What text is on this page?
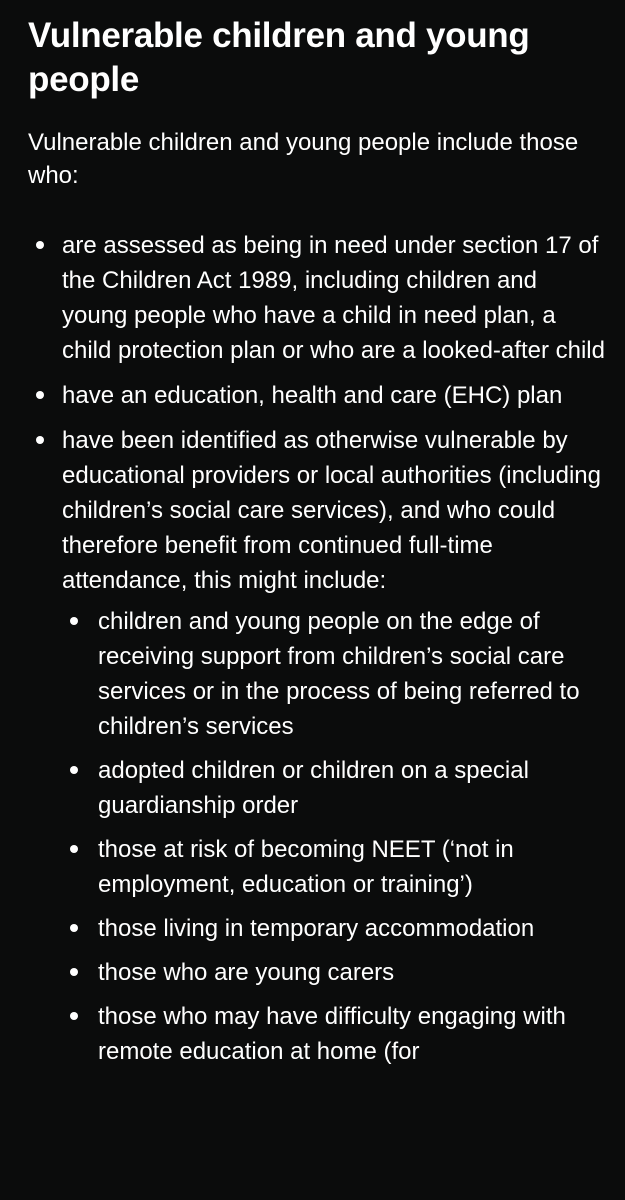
Vulnerable children and young people

Vulnerable children and young people include those who:

are assessed as being in need under section 17 of the Children Act 1989, including children and young people who have a child in need plan, a child protection plan or who are a looked-after child
have an education, health and care (EHC) plan
have been identified as otherwise vulnerable by educational providers or local authorities (including children’s social care services), and who could therefore benefit from continued full-time attendance, this might include:
children and young people on the edge of receiving support from children’s social care services or in the process of being referred to children’s services
adopted children or children on a special guardianship order
those at risk of becoming NEET (‘not in employment, education or training’)
those living in temporary accommodation
those who are young carers
those who may have difficulty engaging with remote education at home (for
